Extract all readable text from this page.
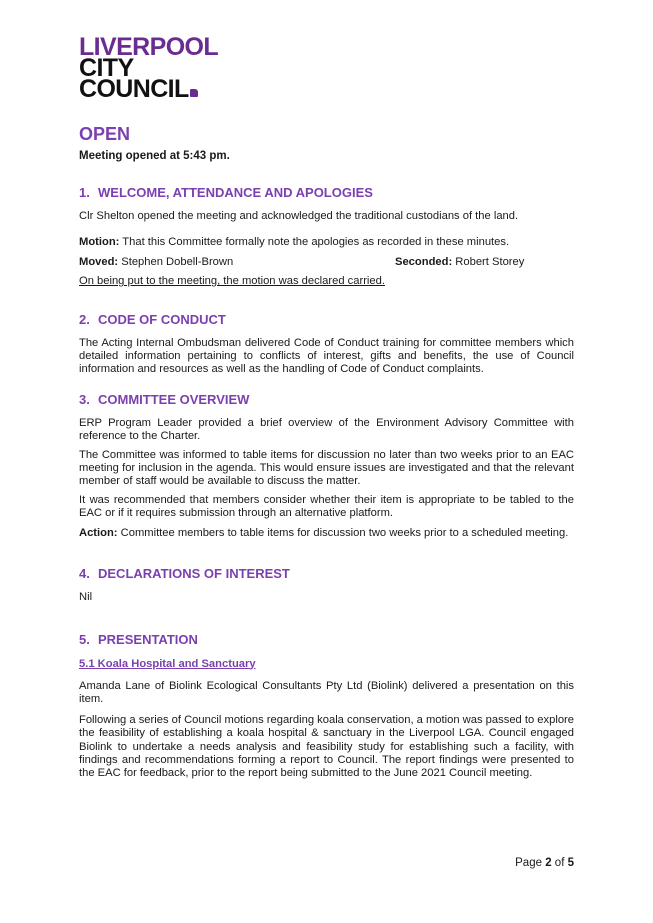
LIVERPOOL
CITY
COUNCIL
OPEN

Meeting opened at 5:43 pm.

1. WELCOME, ATTENDANCE AND APOLOGIES

Clr Shelton opened the meeting and acknowledged the traditional custodians of the land.

Motion: That this Committee formally note the apologies as recorded in these minutes.

Moved: Stephen Dobell-Brown	Seconded: Robert Storey

On being put to the meeting, the motion was declared carried.

2. CODE OF CONDUCT

The Acting Internal Ombudsman delivered Code of Conduct training for committee members which detailed information pertaining to conflicts of interest, gifts and benefits, the use of Council information and resources as well as the handling of Code of Conduct complaints.

3. COMMITTEE OVERVIEW

ERP Program Leader provided a brief overview of the Environment Advisory Committee with reference to the Charter.

The Committee was informed to table items for discussion no later than two weeks prior to an EAC meeting for inclusion in the agenda. This would ensure issues are investigated and that the relevant member of staff would be available to discuss the matter.

It was recommended that members consider whether their item is appropriate to be tabled to the EAC or if it requires submission through an alternative platform.

Action: Committee members to table items for discussion two weeks prior to a scheduled meeting.

4. DECLARATIONS OF INTEREST

Nil

5. PRESENTATION

5.1 Koala Hospital and Sanctuary

Amanda Lane of Biolink Ecological Consultants Pty Ltd (Biolink) delivered a presentation on this item.

Following a series of Council motions regarding koala conservation, a motion was passed to explore the feasibility of establishing a koala hospital & sanctuary in the Liverpool LGA. Council engaged Biolink to undertake a needs analysis and feasibility study for establishing such a facility, with findings and recommendations forming a report to Council. The report findings were presented to the EAC for feedback, prior to the report being submitted to the June 2021 Council meeting.

Page 2 of 5
